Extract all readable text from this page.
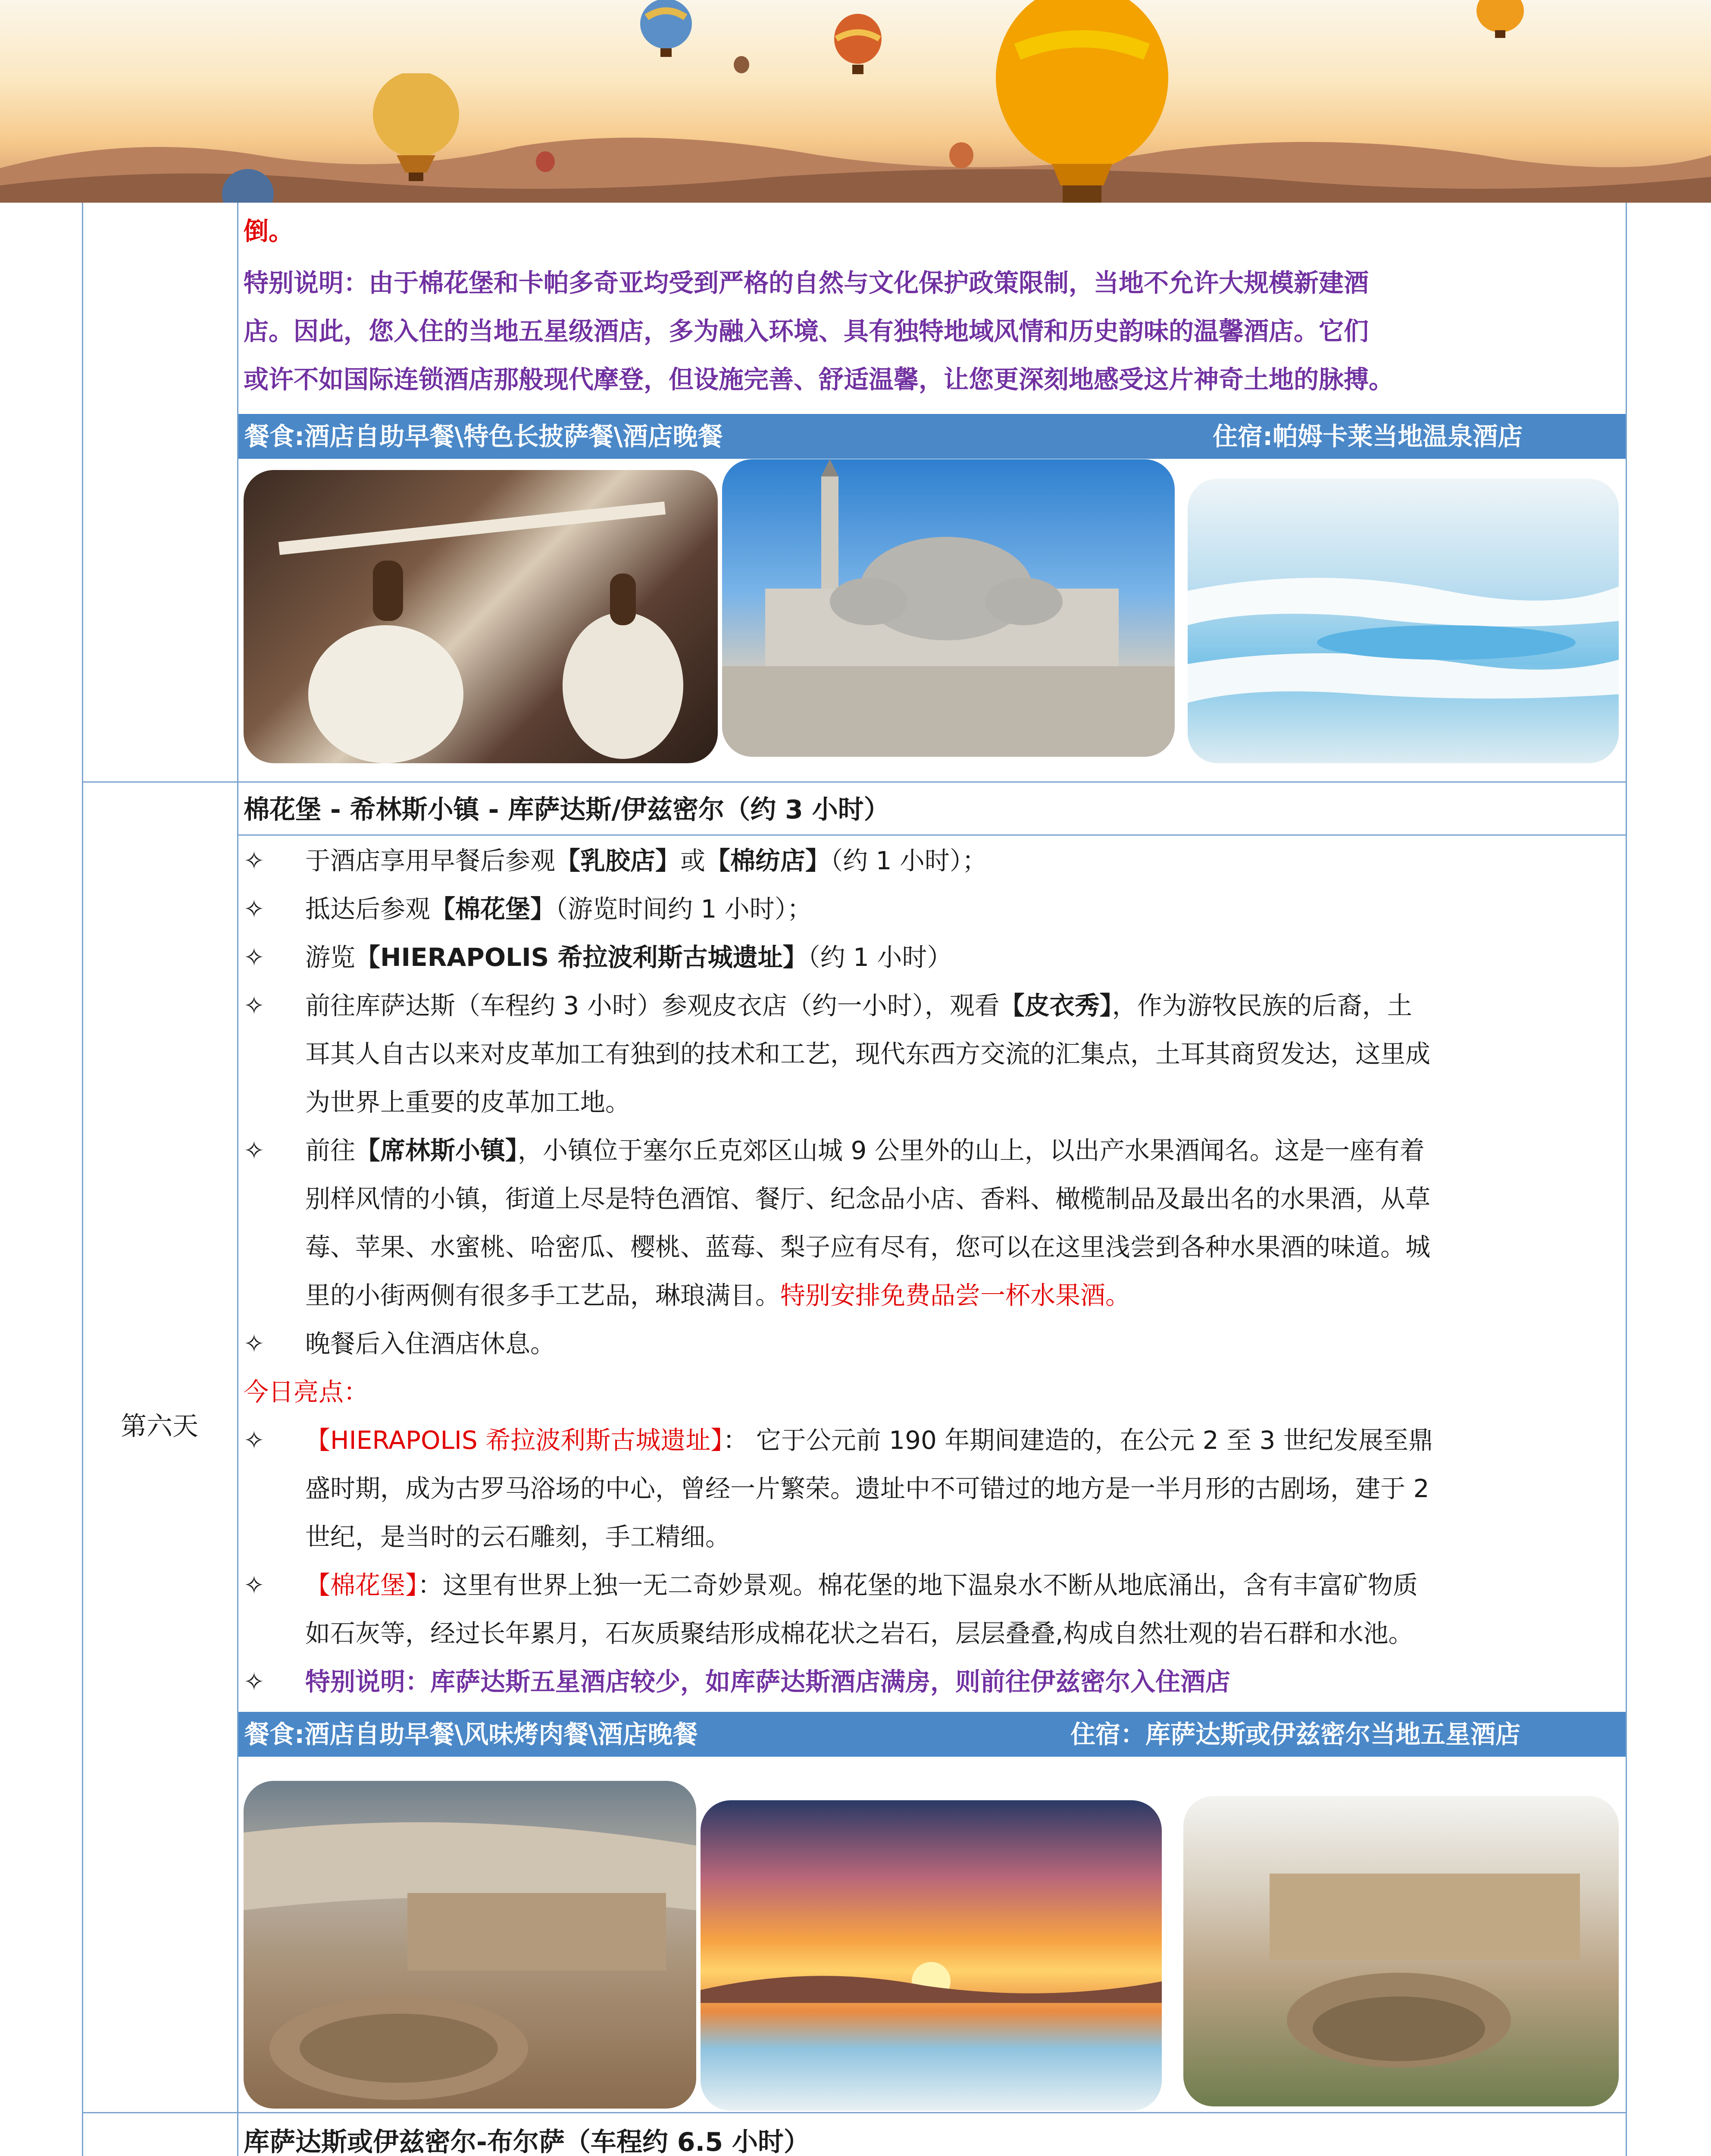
倒。
特别说明：由于棉花堡和卡帕多奇亚均受到严格的自然与文化保护政策限制，当地不允许大规模新建酒
店。因此，您入住的当地五星级酒店，多为融入环境、具有独特地域风情和历史韵味的温馨酒店。它们
或许不如国际连锁酒店那般现代摩登，但设施完善、舒适温馨，让您更深刻地感受这片神奇土地的脉搏。
餐食:酒店自助早餐\特色长披萨餐\酒店晚餐	住宿:帕姆卡莱当地温泉酒店
第六天
棉花堡 - 希林斯小镇 - 库萨达斯/伊兹密尔（约 3 小时）
✧	于酒店享用早餐后参观【乳胶店】或【棉纺店】（约 1 小时）；
✧	抵达后参观【棉花堡】（游览时间约 1 小时）；
✧	游览【HIERAPOLIS 希拉波利斯古城遗址】（约 1 小时）
✧	前往库萨达斯（车程约 3 小时）参观皮衣店（约一小时），观看【皮衣秀】，作为游牧民族的后裔，土
耳其人自古以来对皮革加工有独到的技术和工艺，现代东西方交流的汇集点，土耳其商贸发达，这里成
为世界上重要的皮革加工地。
✧	前往【席林斯小镇】，小镇位于塞尔丘克郊区山城 9 公里外的山上，以出产水果酒闻名。这是一座有着
别样风情的小镇，街道上尽是特色酒馆、餐厅、纪念品小店、香料、橄榄制品及最出名的水果酒，从草
莓、苹果、水蜜桃、哈密瓜、樱桃、蓝莓、梨子应有尽有，您可以在这里浅尝到各种水果酒的味道。城
里的小街两侧有很多手工艺品，琳琅满目。特别安排免费品尝一杯水果酒。
✧	晚餐后入住酒店休息。
今日亮点：
✧	【HIERAPOLIS 希拉波利斯古城遗址】： 它于公元前 190 年期间建造的，在公元 2 至 3 世纪发展至鼎
盛时期，成为古罗马浴场的中心，曾经一片繁荣。遗址中不可错过的地方是一半月形的古剧场，建于 2
世纪，是当时的云石雕刻，手工精细。
✧	【棉花堡】：这里有世界上独一无二奇妙景观。棉花堡的地下温泉水不断从地底涌出，含有丰富矿物质
如石灰等，经过长年累月，石灰质聚结形成棉花状之岩石，层层叠叠,构成自然壮观的岩石群和水池。
✧	特别说明：库萨达斯五星酒店较少，如库萨达斯酒店满房，则前往伊兹密尔入住酒店
餐食:酒店自助早餐\风味烤肉餐\酒店晚餐	住宿：库萨达斯或伊兹密尔当地五星酒店
库萨达斯或伊兹密尔-布尔萨（车程约 6.5 小时）
